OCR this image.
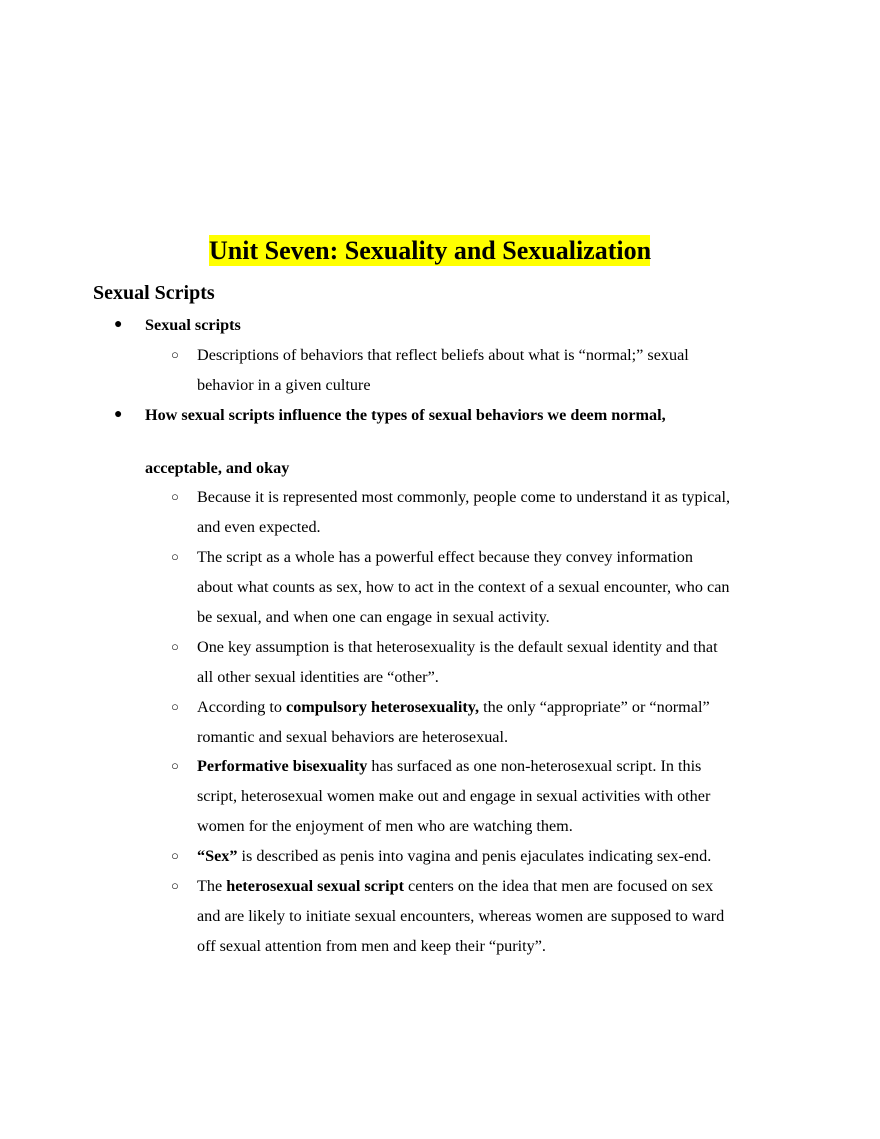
Unit Seven: Sexuality and Sexualization
Sexual Scripts
● Sexual scripts
○ Descriptions of behaviors that reflect beliefs about what is “normal;” sexual
behavior in a given culture
● How sexual scripts influence the types of sexual behaviors we deem normal,
acceptable, and okay
○ Because it is represented most commonly, people come to understand it as typical,
and even expected.
○ The script as a whole has a powerful effect because they convey information
about what counts as sex, how to act in the context of a sexual encounter, who can
be sexual, and when one can engage in sexual activity.
○ One key assumption is that heterosexuality is the default sexual identity and that
all other sexual identities are “other”.
○ According to compulsory heterosexuality, the only “appropriate” or “normal”
romantic and sexual behaviors are heterosexual.
○ Performative bisexuality has surfaced as one non-heterosexual script. In this
script, heterosexual women make out and engage in sexual activities with other
women for the enjoyment of men who are watching them.
○ “Sex” is described as penis into vagina and penis ejaculates indicating sex-end.
○ The heterosexual sexual script centers on the idea that men are focused on sex
and are likely to initiate sexual encounters, whereas women are supposed to ward
off sexual attention from men and keep their “purity”.
